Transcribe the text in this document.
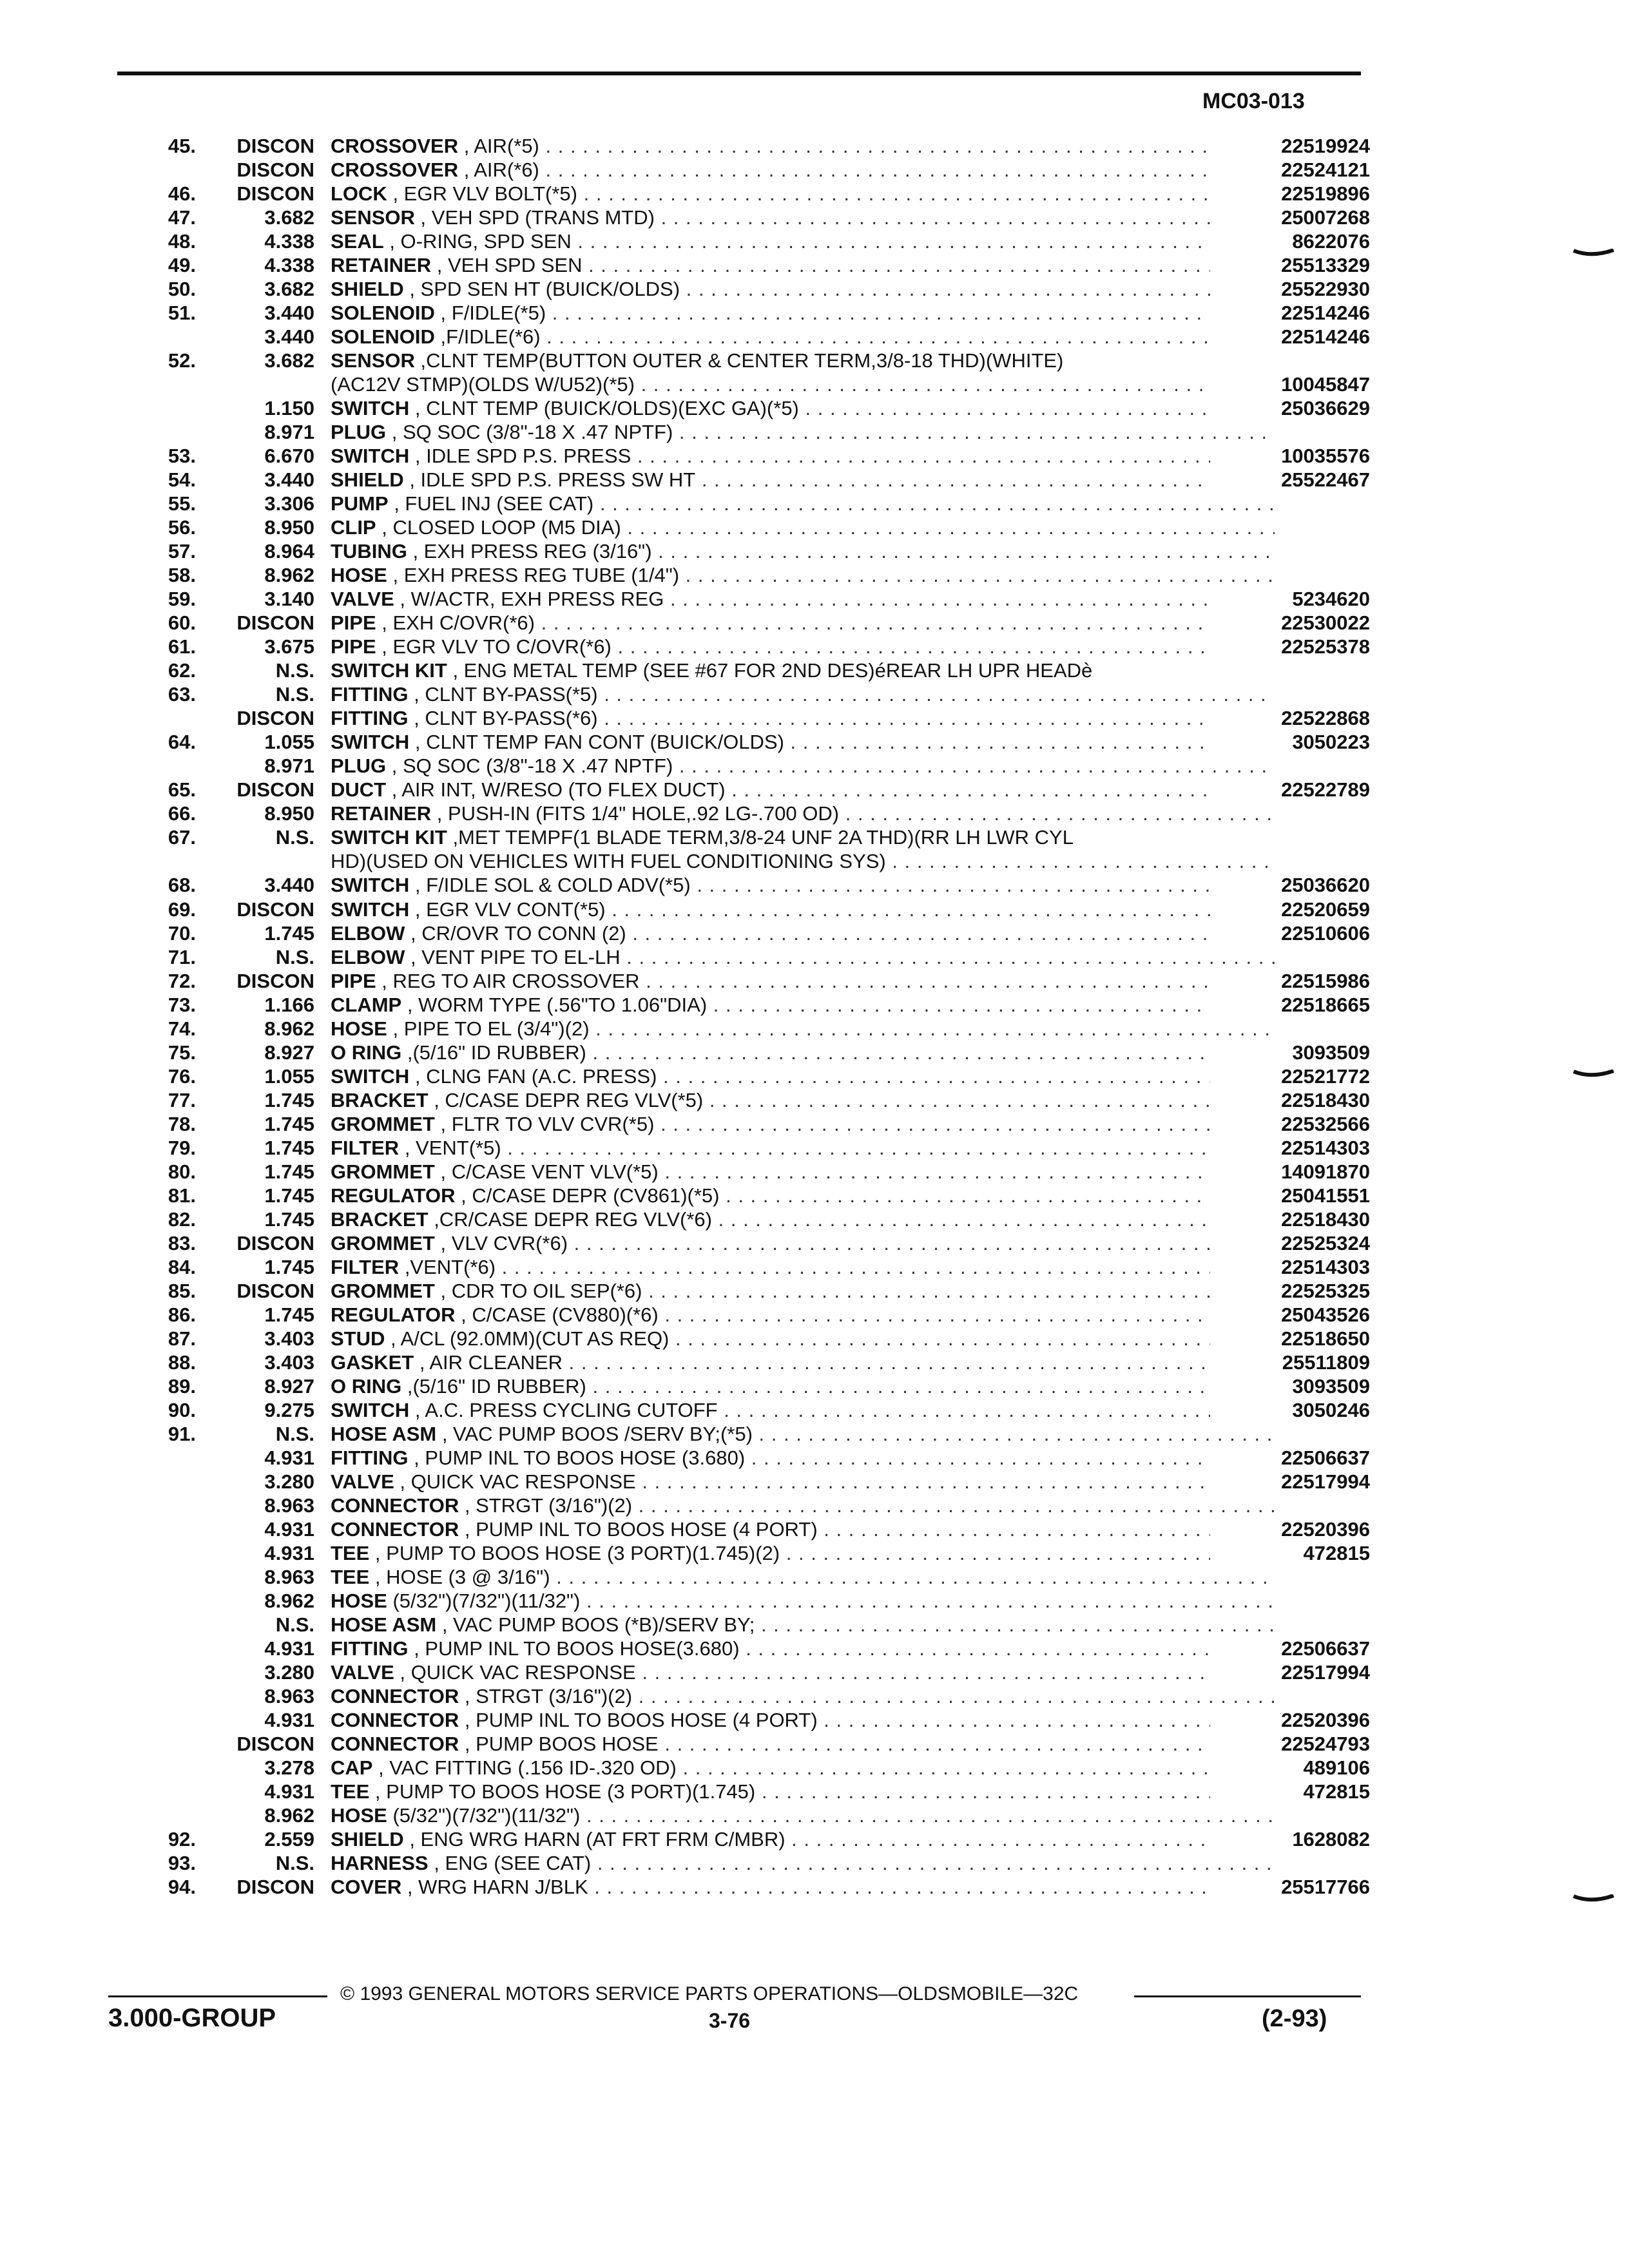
MC03-013
45.	DISCON CROSSOVER , AIR(*5) . . .	22519924
DISCON CROSSOVER , AIR(*6) . . .	22524121
46.	DISCON LOCK , EGR VLV BOLT(*5) . . .	22519896
47.	3.682 SENSOR , VEH SPD (TRANS MTD) . . .	25007268
48.	4.338 SEAL , O-RING, SPD SEN . . .	8622076
49.	4.338 RETAINER , VEH SPD SEN . . .	25513329
50.	3.682 SHIELD , SPD SEN HT (BUICK/OLDS) . . .	25522930
51.	3.440 SOLENOID , F/IDLE(*5) . . .	22514246
3.440 SOLENOID ,F/IDLE(*6) . . .	22514246
52.	3.682 SENSOR ,CLNT TEMP(BUTTON OUTER & CENTER TERM,3/8-18 THD)(WHITE)
(AC12V STMP)(OLDS W/U52)(*5) . . .	10045847
1.150 SWITCH , CLNT TEMP (BUICK/OLDS)(EXC GA)(*5) . . .	25036629
8.971 PLUG , SQ SOC (3/8"-18 X .47 NPTF) . . .
53.	6.670 SWITCH , IDLE SPD P.S. PRESS . . .	10035576
54.	3.440 SHIELD , IDLE SPD P.S. PRESS SW HT . . .	25522467
55.	3.306 PUMP , FUEL INJ (SEE CAT) . . .
56.	8.950 CLIP , CLOSED LOOP (M5 DIA) . . .
57.	8.964 TUBING , EXH PRESS REG (3/16") . . .
58.	8.962 HOSE , EXH PRESS REG TUBE (1/4") . . .
59.	3.140 VALVE , W/ACTR, EXH PRESS REG . . .	5234620
60.	DISCON PIPE , EXH C/OVR(*6) . . .	22530022
61.	3.675 PIPE , EGR VLV TO C/OVR(*6) . . .	22525378
62.	N.S. SWITCH KIT , ENG METAL TEMP (SEE #67 FOR 2ND DES)éREAR LH UPR HEADè
63.	N.S. FITTING , CLNT BY-PASS(*5) . . .
DISCON FITTING , CLNT BY-PASS(*6) . . .	22522868
64.	1.055 SWITCH , CLNT TEMP FAN CONT (BUICK/OLDS) . . .	3050223
8.971 PLUG , SQ SOC (3/8"-18 X .47 NPTF) . . .
65.	DISCON DUCT , AIR INT, W/RESO (TO FLEX DUCT) . . .	22522789
66.	8.950 RETAINER , PUSH-IN (FITS 1/4" HOLE,.92 LG-.700 OD) . . .
67.	N.S. SWITCH KIT ,MET TEMPF(1 BLADE TERM,3/8-24 UNF 2A THD)(RR LH LWR CYL
HD)(USED ON VEHICLES WITH FUEL CONDITIONING SYS) . . .
68.	3.440 SWITCH , F/IDLE SOL & COLD ADV(*5) . . .	25036620
69.	DISCON SWITCH , EGR VLV CONT(*5) . . .	22520659
70.	1.745 ELBOW , CR/OVR TO CONN (2) . . .	22510606
71.	N.S. ELBOW , VENT PIPE TO EL-LH . . .
72.	DISCON PIPE , REG TO AIR CROSSOVER . . .	22515986
73.	1.166 CLAMP , WORM TYPE (.56"TO 1.06"DIA) . . .	22518665
74.	8.962 HOSE , PIPE TO EL (3/4")(2) . . .
75.	8.927 O RING ,(5/16" ID RUBBER) . . .	3093509
76.	1.055 SWITCH , CLNG FAN (A.C. PRESS) . . .	22521772
77.	1.745 BRACKET , C/CASE DEPR REG VLV(*5) . . .	22518430
78.	1.745 GROMMET , FLTR TO VLV CVR(*5) . . .	22532566
79.	1.745 FILTER , VENT(*5) . . .	22514303
80.	1.745 GROMMET , C/CASE VENT VLV(*5) . . .	14091870
81.	1.745 REGULATOR , C/CASE DEPR (CV861)(*5) . . .	25041551
82.	1.745 BRACKET ,CR/CASE DEPR REG VLV(*6) . . .	22518430
83.	DISCON GROMMET , VLV CVR(*6) . . .	22525324
84.	1.745 FILTER ,VENT(*6) . . .	22514303
85.	DISCON GROMMET , CDR TO OIL SEP(*6) . . .	22525325
86.	1.745 REGULATOR , C/CASE (CV880)(*6) . . .	25043526
87.	3.403 STUD , A/CL (92.0MM)(CUT AS REQ) . . .	22518650
88.	3.403 GASKET , AIR CLEANER . . .	25511809
89.	8.927 O RING ,(5/16" ID RUBBER) . . .	3093509
90.	9.275 SWITCH , A.C. PRESS CYCLING CUTOFF . . .	3050246
91.	N.S. HOSE ASM , VAC PUMP BOOS /SERV BY;(*5) . . .
4.931 FITTING , PUMP INL TO BOOS HOSE (3.680) . . .	22506637
3.280 VALVE , QUICK VAC RESPONSE . . .	22517994
8.963 CONNECTOR , STRGT (3/16")(2) . . .
4.931 CONNECTOR , PUMP INL TO BOOS HOSE (4 PORT) . . .	22520396
4.931 TEE , PUMP TO BOOS HOSE (3 PORT)(1.745)(2) . . .	472815
8.963 TEE , HOSE (3 @ 3/16") . . .
8.962 HOSE (5/32")(7/32")(11/32") . . .
N.S. HOSE ASM , VAC PUMP BOOS (*B)/SERV BY; . . .
4.931 FITTING , PUMP INL TO BOOS HOSE(3.680) . . .	22506637
3.280 VALVE , QUICK VAC RESPONSE . . .	22517994
8.963 CONNECTOR , STRGT (3/16")(2) . . .
4.931 CONNECTOR , PUMP INL TO BOOS HOSE (4 PORT) . . .	22520396
DISCON CONNECTOR , PUMP BOOS HOSE . . .	22524793
3.278 CAP , VAC FITTING (.156 ID-.320 OD) . . .	489106
4.931 TEE , PUMP TO BOOS HOSE (3 PORT)(1.745) . . .	472815
8.962 HOSE (5/32")(7/32")(11/32") . . .
92.	2.559 SHIELD , ENG WRG HARN (AT FRT FRM C/MBR) . . .	1628082
93.	N.S. HARNESS , ENG (SEE CAT) . . .
94.	DISCON COVER , WRG HARN J/BLK . . .	25517766
© 1993 GENERAL MOTORS SERVICE PARTS OPERATIONS—OLDSMOBILE—32C
3.000-GROUP	3-76	(2-93)
